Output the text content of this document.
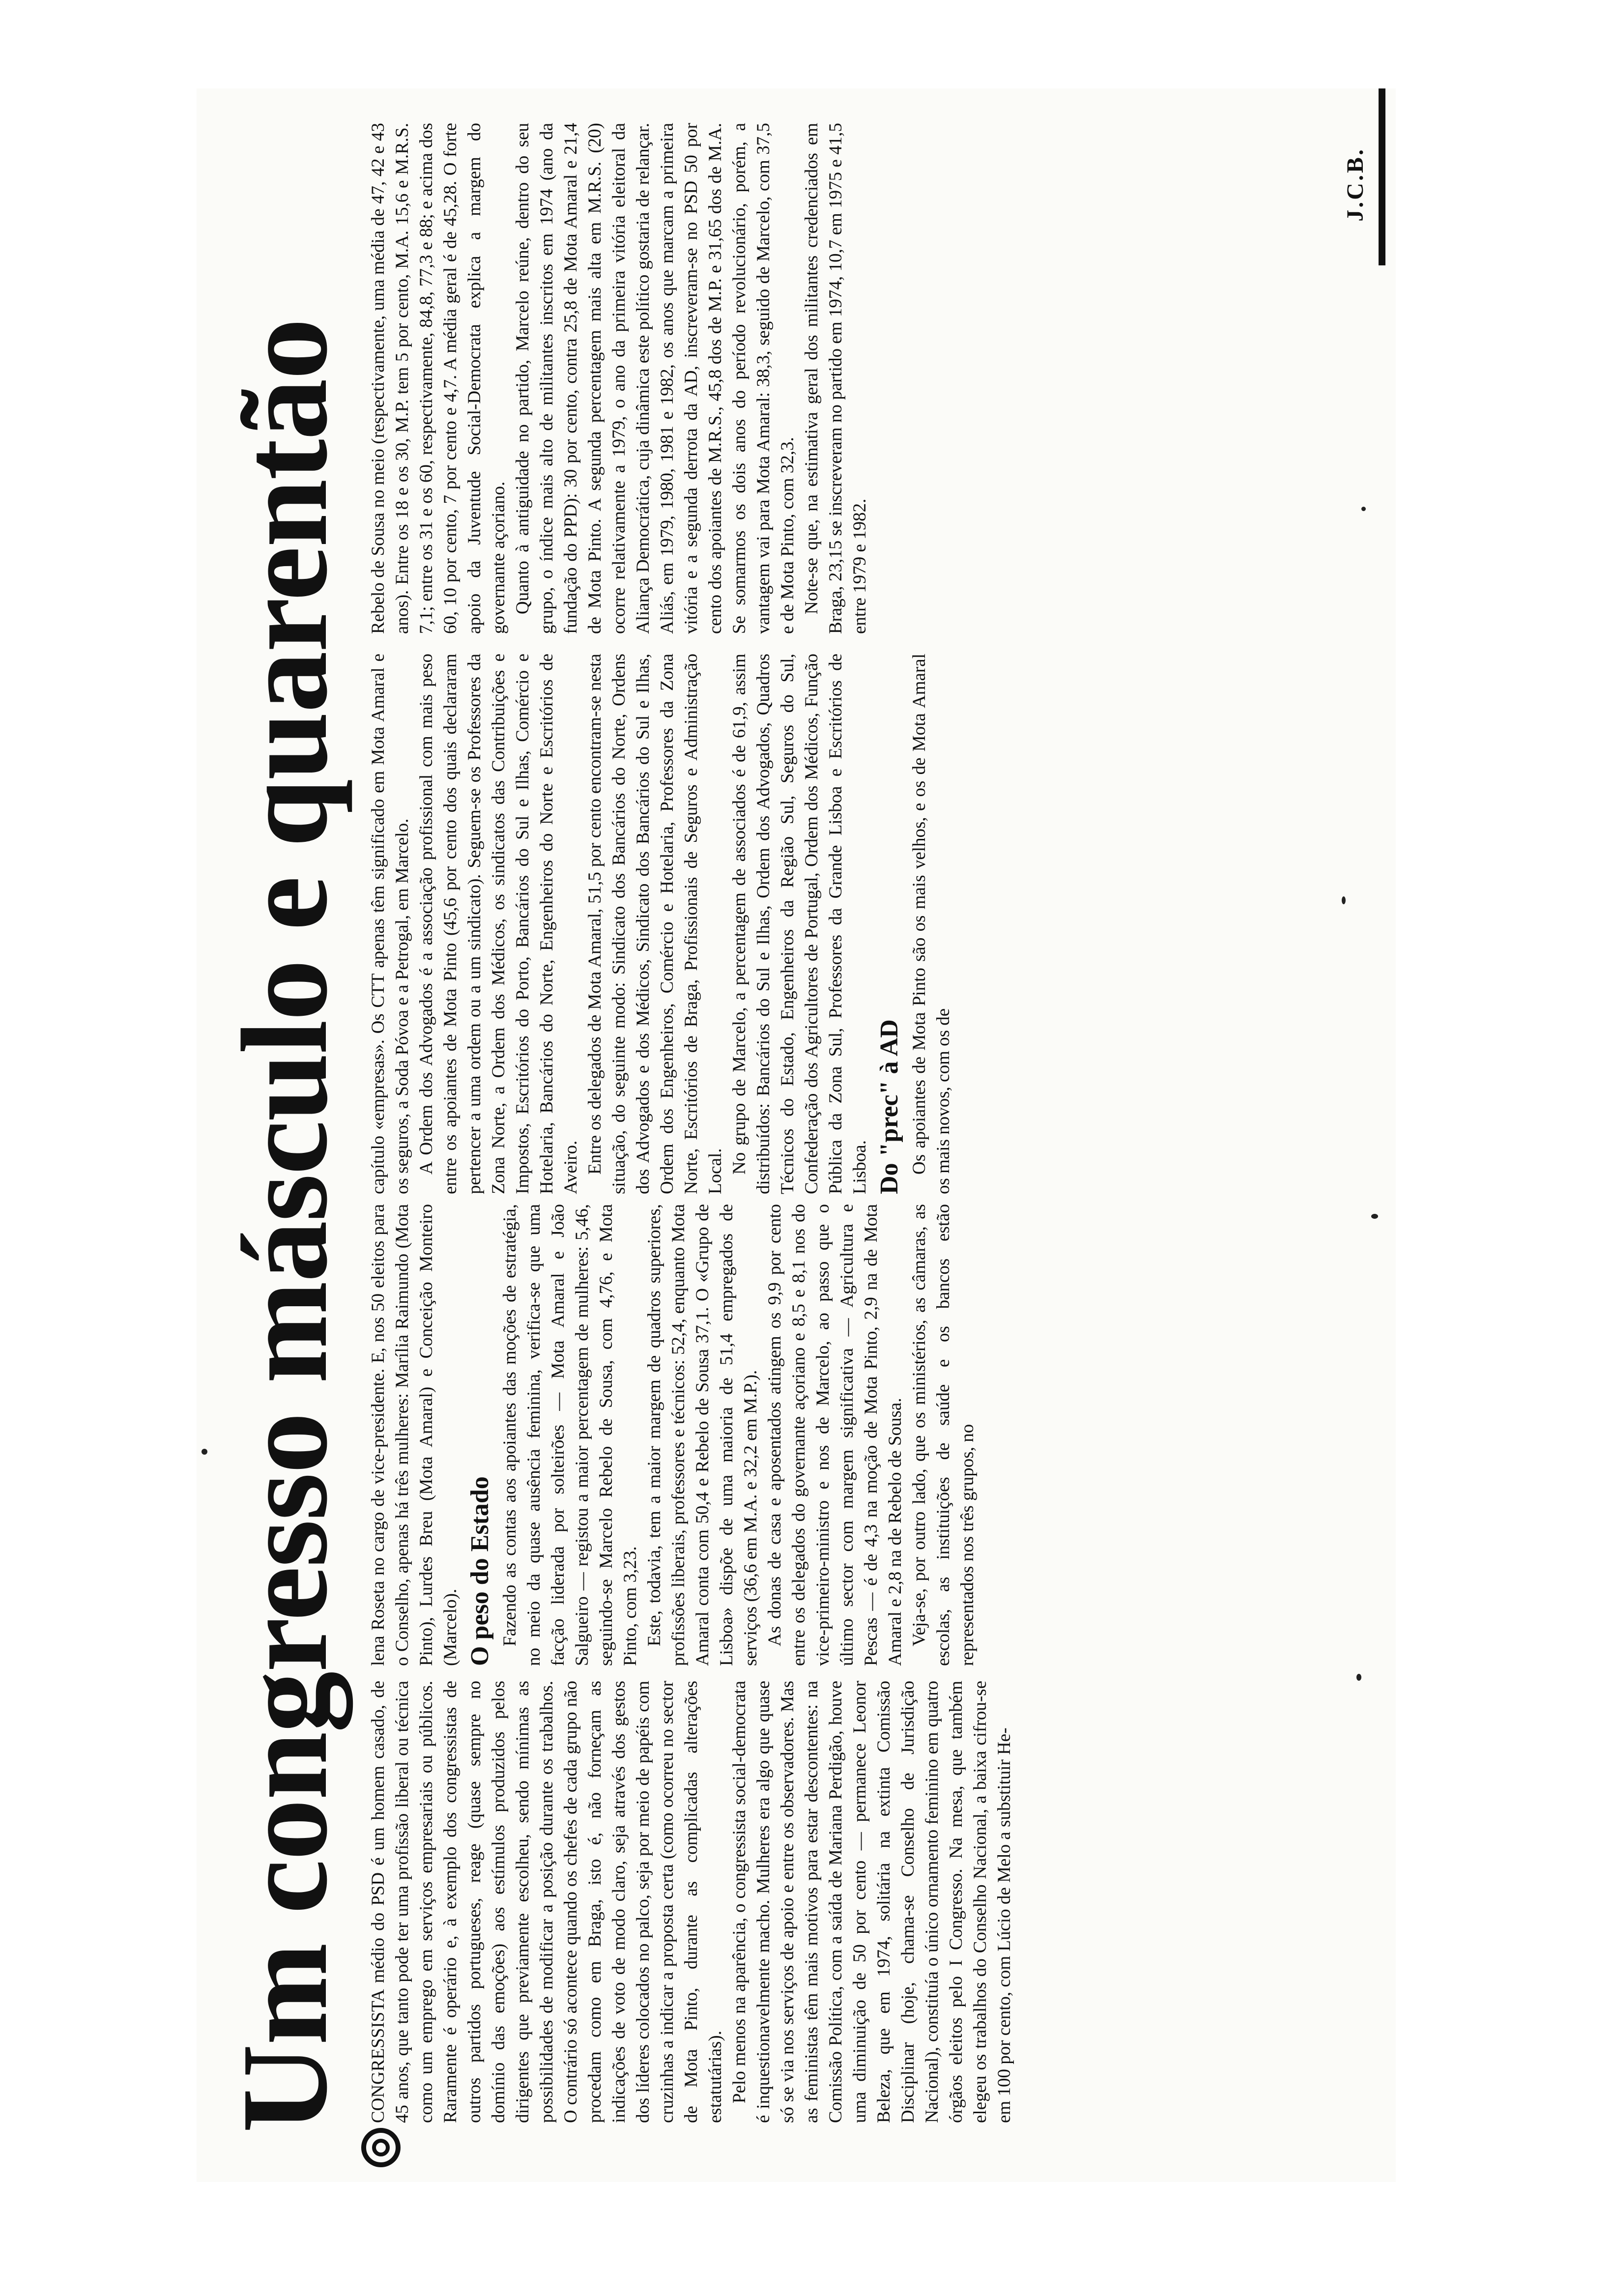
Um congresso másculo e quarentão CONGRESSISTA médio do PSD é um homem casado, de 45 anos, que tanto pode ter uma profissão liberal ou técnica como um emprego em serviços empresariais ou públicos. Raramente é operário e, à exemplo dos congressistas de outros partidos portugueses, reage (quase sempre no domínio das emoções) aos estímulos produzidos pelos dirigentes que previamente escolheu, sendo mínimas as possibilidades de modificar a posição durante os trabalhos. O contrário só acontece quando os chefes de cada grupo não procedam como em Braga, isto é, não forneçam as indicações de voto de modo claro, seja através dos gestos dos líderes colocados no palco, seja por meio de papéis com cruzinhas a indicar a proposta certa (como ocorreu no sector de Mota Pinto, durante as complicadas alterações estatutárias). Pelo menos na aparência, o congressista social-democrata é inquestionavelmente macho. Mulheres era algo que quase só se via nos serviços de apoio e entre os observadores. Mas as feministas têm mais motivos para estar descontentes: na Comissão Política, com a saída de Mariana Perdigão, houve uma diminuição de 50 por cento — permanece Leonor Beleza, que em 1974, solitária na extinta Comissão Disciplinar (hoje, chama-se Conselho de Jurisdição Nacional), constituía o único ornamento feminino em quatro órgãos eleitos pelo I Congresso. Na mesa, que também elegeu os trabalhos do Conselho Nacional, a baixa cifrou-se em 100 por cento, com Lúcio de Melo a substituir He-

lena Roseta no cargo de vice-presidente. E, nos 50 eleitos para o Conselho, apenas há três mulheres: Marília Raimundo (Mota Pinto), Lurdes Breu (Mota Amaral) e Conceição Monteiro (Marcelo). O peso do Estado Fazendo as contas aos apoiantes das moções de estratégia, no meio da quase ausência feminina, verifica-se que uma facção liderada por solteirões — Mota Amaral e João Salgueiro — registou a maior percentagem de mulheres: 5,46, seguindo-se Marcelo Rebelo de Sousa, com 4,76, e Mota Pinto, com 3,23. Este, todavia, tem a maior margem de quadros superiores, profissões liberais, professores e técnicos: 52,4, enquanto Mota Amaral conta com 50,4 e Rebelo de Sousa 37,1. O «Grupo de Lisboa» dispõe de uma maioria de 51,4 empregados de serviços (36,6 em M.A. e 32,2 em M.P.). As donas de casa e aposentados atingem os 9,9 por cento entre os delegados do governante açoriano e 8,5 e 8,1 nos do vice-primeiro-ministro e nos de Marcelo, ao passo que o último sector com margem significativa — Agricultura e Pescas — é de 4,3 na moção de Mota Pinto, 2,9 na de Mota Amaral e 2,8 na de Rebelo de Sousa. Veja-se, por outro lado, que os ministérios, as câmaras, as escolas, as instituições de saúde e os bancos estão representados nos três grupos, no

capítulo «empresas». Os CTT apenas têm significado em Mota Amaral e os seguros, a Soda Póvoa e a Petrogal, em Marcelo. A Ordem dos Advogados é a associação profissional com mais peso entre os apoiantes de Mota Pinto (45,6 por cento dos quais declararam pertencer a uma ordem ou a um sindicato). Seguem-se os Professores da Zona Norte, a Ordem dos Médicos, os sindicatos das Contribuições e Impostos, Escritórios do Porto, Bancários do Sul e Ilhas, Comércio e Hotelaria, Bancários do Norte, Engenheiros do Norte e Escritórios de Aveiro. Entre os delegados de Mota Amaral, 51,5 por cento encontram-se nesta situação, do seguinte modo: Sindicato dos Bancários do Norte, Ordens dos Advogados e dos Médicos, Sindicato dos Bancários do Sul e Ilhas, Ordem dos Engenheiros, Comércio e Hotelaria, Professores da Zona Norte, Escritórios de Braga, Profissionais de Seguros e Administração Local. No grupo de Marcelo, a percentagem de associados é de 61,9, assim distribuídos: Bancários do Sul e Ilhas, Ordem dos Advogados, Quadros Técnicos do Estado, Engenheiros da Região Sul, Seguros do Sul, Confederação dos Agricultores de Portugal, Ordem dos Médicos, Função Pública da Zona Sul, Professores da Grande Lisboa e Escritórios de Lisboa. Do "prec" à AD Os apoiantes de Mota Pinto são os mais velhos, e os de Mota Amaral os mais novos, com os de

Rebelo de Sousa no meio (respectivamente, uma média de 47, 42 e 43 anos). Entre os 18 e os 30, M.P. tem 5 por cento, M.A. 15,6 e M.R.S. 7,1; entre os 31 e os 60, respectivamente, 84,8, 77,3 e 88; e acima dos 60, 10 por cento, 7 por cento e 4,7. A média geral é de 45,28. O forte apoio da Juventude Social-Democrata explica a margem do governante açoriano. Quanto à antiguidade no partido, Marcelo reúne, dentro do seu grupo, o índice mais alto de militantes inscritos em 1974 (ano da fundação do PPD): 30 por cento, contra 25,8 de Mota Amaral e 21,4 de Mota Pinto. A segunda percentagem mais alta em M.R.S. (20) ocorre relativamente a 1979, o ano da primeira vitória eleitoral da Aliança Democrática, cuja dinâmica este político gostaria de relançar. Aliás, em 1979, 1980, 1981 e 1982, os anos que marcam a primeira vitória e a segunda derrota da AD, inscreveram-se no PSD 50 por cento dos apoiantes de M.R.S., 45,8 dos de M.P. e 31,65 dos de M.A. Se somarmos os dois anos do período revolucionário, porém, a vantagem vai para Mota Amaral: 38,3, seguido de Marcelo, com 37,5 e de Mota Pinto, com 32,3. Note-se que, na estimativa geral dos militantes credenciados em Braga, 23,15 se inscreveram no partido em 1974, 10,7 em 1975 e 41,5 entre 1979 e 1982.

J.C.B.
